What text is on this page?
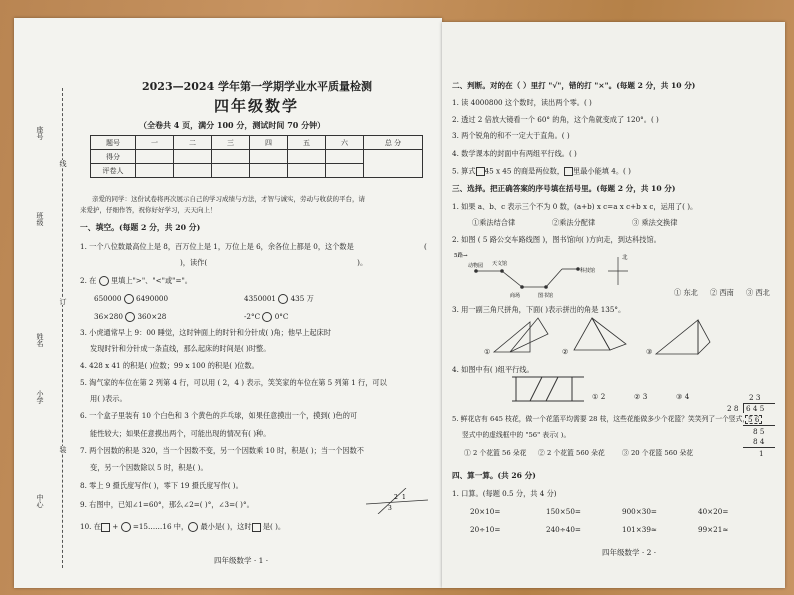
座号
线
班级
订
姓名
小学
装
中心
2023—2024 学年第一学期学业水平质量检测
四年级数学
（全卷共 4 页，满分 100 分，测试时间 70 分钟）
题号	一	二	三	四	五	六	总 分
得分							
评卷人							
亲爱的同学：这份试卷将再次展示自己的学习成绩与方法，才智与诚实，劳动与收获的平台，请
来爱护，仔细作答，祝你好好学习，天天向上！
一、填空。(每题 2 分，共 20 分)
1. 一个八位数最高位上是 8，百万位上是 1，万位上是 6，余各位上都是 0，这个数是	(
)，读作(	)。
2. 在 里填上">"、"<"或"="。
650000 6490000	4350001 435 万
36×280 360×28	-2°C 0°C
3. 小虎通常早上 9：00 睡觉，这时钟面上的时针和分针成( )角；他早上起床时
发现时针和分针成一条直线，那么起床的时间是( )时整。
4. 428 x 41 的积是( )位数；99 x 100 的积是( )位数。
5. 淘气家的车位在第 2 列第 4 行，可以用 ( 2，4 ) 表示，笑笑家的车位在第 5 列第 1 行，可以
用( )表示。
6. 一个盒子里装有 10 个白色和 3 个黄色的乒乓球，如果任意摸出一个，摸到( )色的可
能性较大；如果任意摸出两个，可能出现的情况有( )种。
7. 两个因数的积是 320，当一个因数不变，另一个因数乘 10 时，积是( )；当一个因数不
变，另一个因数除以 5 时，积是( )。
8. 零上 9 摄氏度写作( )，零下 19 摄氏度写作( )。
9. 右图中，已知∠1=60°，那么∠2=( )°，∠3=( )°。
2 1
3
10. 在 + =15……16 中， 最小是( )，这时 是( )。
四年级数学 · 1 ·
二、判断。对的在（ ）里打 "√"，错的打 "×"。(每题 2 分，共 10 分)
1. 读 4000800 这个数时，读出两个零。( )
2. 透过 2 倍放大镜看一个 60° 的角，这个角就变成了 120°。( )
3. 两个锐角的和不一定大于直角。( )
4. 数学课本的封面中有两组平行线。( )
5. 算式 45 x 45 的商是两位数， 里最小能填 4。( )
三、选择。把正确答案的序号填在括号里。(每题 2 分，共 10 分)
1. 如果 a、b、c 表示三个不为 0 数，(a+b) x c=a x c+b x c，运用了( )。
①乘法结合律	②乘法分配律	③ 乘法交换律
2. 如图 ( 5 路公交车路线图 )，图书馆向( )方向走，到达科技馆。
5路→
动物园 天文馆
科技馆
商场	图书馆
北
① 东北 ② 西南 ③ 西北
3. 用一副三角尺拼角，下面( )表示拼出的角是 135°。
①	②	③
4. 如图中有( )组平行线。
① 2	② 3	③ 4
5. 鲜花店有 645 枝花，做一个花篮平均需要 28 枝，这些花能做多少个花篮？笑笑列了一个竖式，
竖式中的虚线框中的 "56" 表示( )。
① 2 个花篮 56 朵花 ② 2 个花篮 560 朵花	③ 20 个花篮 560 朵花
2 3
2 8 6 4 5
5 6
8 5
8 4
1
四、算一算。(共 26 分)
1. 口算。(每题 0.5 分，共 4 分)
20×10=	150×50=	900×30=	40×20=
20÷10=	240÷40=	101×39≈	99×21≈
四年级数学 · 2 ·
